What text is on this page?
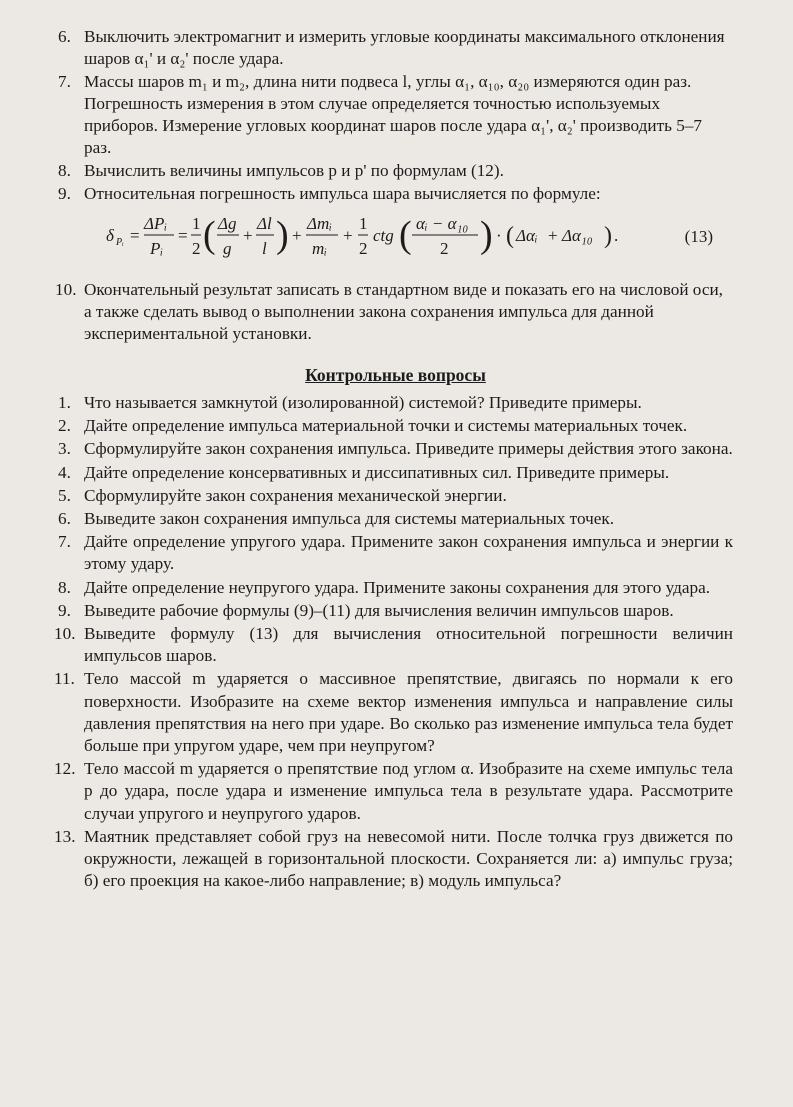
6. Выключить электромагнит и измерить угловые координаты максимального отклонения шаров α₁' и α₂' после удара.
7. Массы шаров m₁ и m₂, длина нити подвеса l, углы α₁, α₁₀, α₂₀ измеряются один раз. Погрешность измерения в этом случае определяется точностью используемых приборов. Измерение угловых координат шаров после удара α₁', α₂' производить 5–7 раз.
8. Вычислить величины импульсов p и p' по формулам (12).
9. Относительная погрешность импульса шара вычисляется по формуле:
δ Pᵢ =
ΔPᵢ
Pᵢ
=
1
2 ( Δg
g
+
Δl
l ) +
Δmᵢ
mᵢ
+
1
2
ctg ( αᵢ − α₁₀
2 ) · ( Δαᵢ + Δα₁₀ ) .	(13)
10. Окончательный результат записать в стандартном виде и показать его на числовой оси, а также сделать вывод о выполнении закона сохранения импульса для данной экспериментальной установки.
Контрольные вопросы
1. Что называется замкнутой (изолированной) системой? Приведите примеры.
2. Дайте определение импульса материальной точки и системы материальных точек.
3. Сформулируйте закон сохранения импульса. Приведите примеры действия этого закона.
4. Дайте определение консервативных и диссипативных сил. Приведите примеры.
5. Сформулируйте закон сохранения механической энергии.
6. Выведите закон сохранения импульса для системы материальных точек.
7. Дайте определение упругого удара. Примените закон сохранения импульса и энергии к этому удару.
8. Дайте определение неупругого удара. Примените законы сохранения для этого удара.
9. Выведите рабочие формулы (9)–(11) для вычисления величин импульсов шаров.
10. Выведите формулу (13) для вычисления относительной погрешности величин импульсов шаров.
11. Тело массой m ударяется о массивное препятствие, двигаясь по нормали к его поверхности. Изобразите на схеме вектор изменения импульса и направление силы давления препятствия на него при ударе. Во сколько раз изменение импульса тела будет больше при упругом ударе, чем при неупругом?
12. Тело массой m ударяется о препятствие под углом α. Изобразите на схеме импульс тела p до удара, после удара и изменение импульса тела в результате удара. Рассмотрите случаи упругого и неупругого ударов.
13. Маятник представляет собой груз на невесомой нити. После толчка груз движется по окружности, лежащей в горизонтальной плоскости. Сохраняется ли: а) импульс груза; б) его проекция на какое-либо направление; в) модуль импульса?
